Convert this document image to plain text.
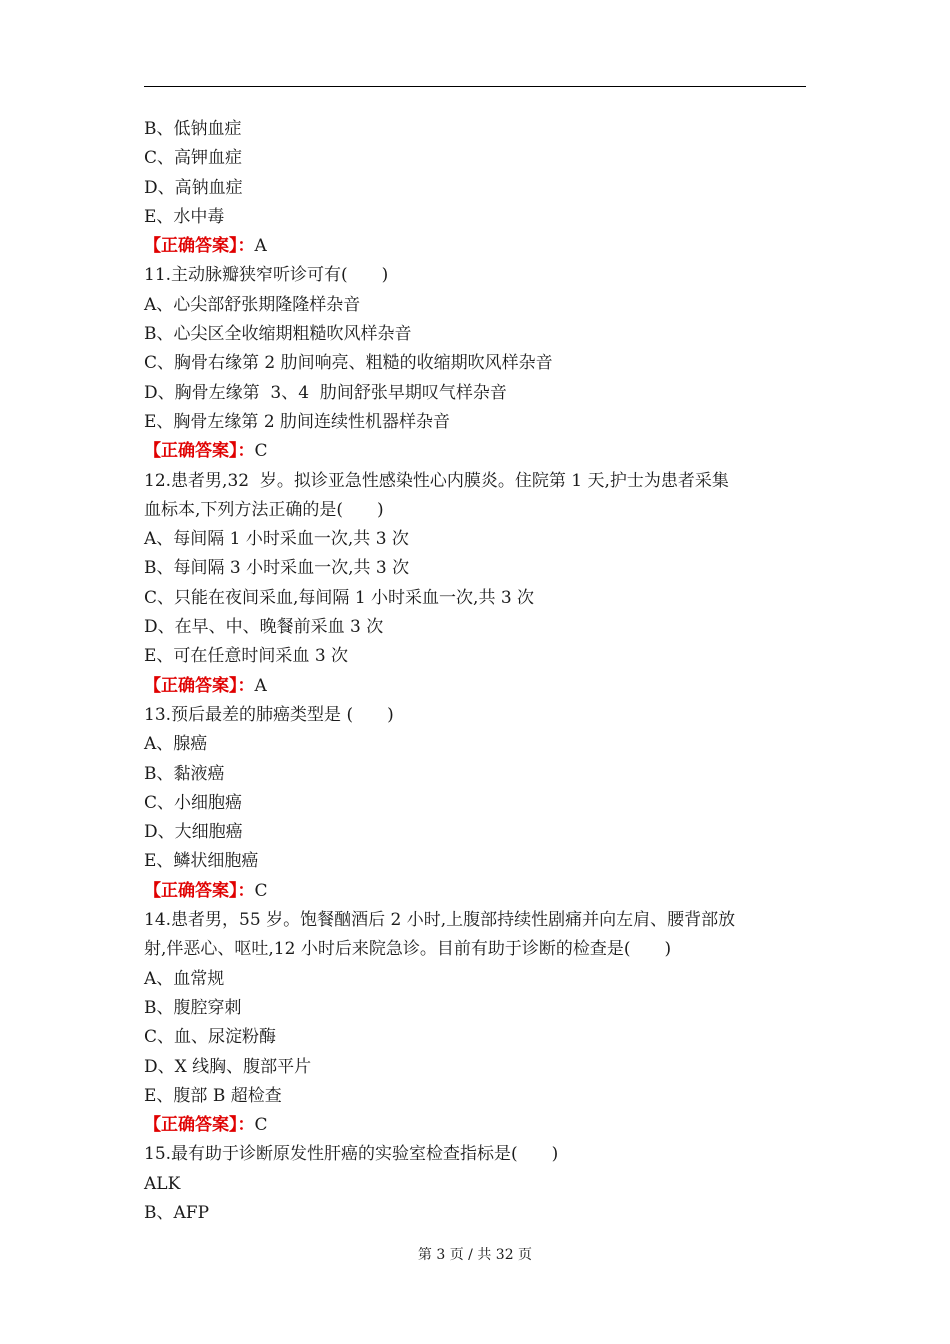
B、低钠血症
C、高钾血症
D、高钠血症
E、水中毒
【正确答案】：A
11.主动脉瓣狭窄听诊可有(　　)
A、心尖部舒张期隆隆样杂音
B、心尖区全收缩期粗糙吹风样杂音
C、胸骨右缘第 2 肋间响亮、粗糙的收缩期吹风样杂音
D、胸骨左缘第  3、4  肋间舒张早期叹气样杂音
E、胸骨左缘第 2 肋间连续性机器样杂音
【正确答案】：C
12.患者男,32  岁。拟诊亚急性感染性心内膜炎。住院第 1 天,护士为患者采集
血标本,下列方法正确的是(　　)
A、每间隔 1 小时采血一次,共 3 次
B、每间隔 3 小时采血一次,共 3 次
C、只能在夜间采血,每间隔 1 小时采血一次,共 3 次
D、在早、中、晚餐前采血 3 次
E、可在任意时间采血 3 次
【正确答案】：A
13.预后最差的肺癌类型是 (　　)
A、腺癌
B、黏液癌
C、小细胞癌
D、大细胞癌
E、鳞状细胞癌
【正确答案】：C
14.患者男，55 岁。饱餐酗酒后 2 小时,上腹部持续性剧痛并向左肩、腰背部放
射,伴恶心、呕吐,12 小时后来院急诊。目前有助于诊断的检查是(　　)
A、血常规
B、腹腔穿刺
C、血、尿淀粉酶
D、X 线胸、腹部平片
E、腹部 B 超检查
【正确答案】：C
15.最有助于诊断原发性肝癌的实验室检查指标是(　　)
ALK
B、AFP
第 3 页 / 共 32 页
